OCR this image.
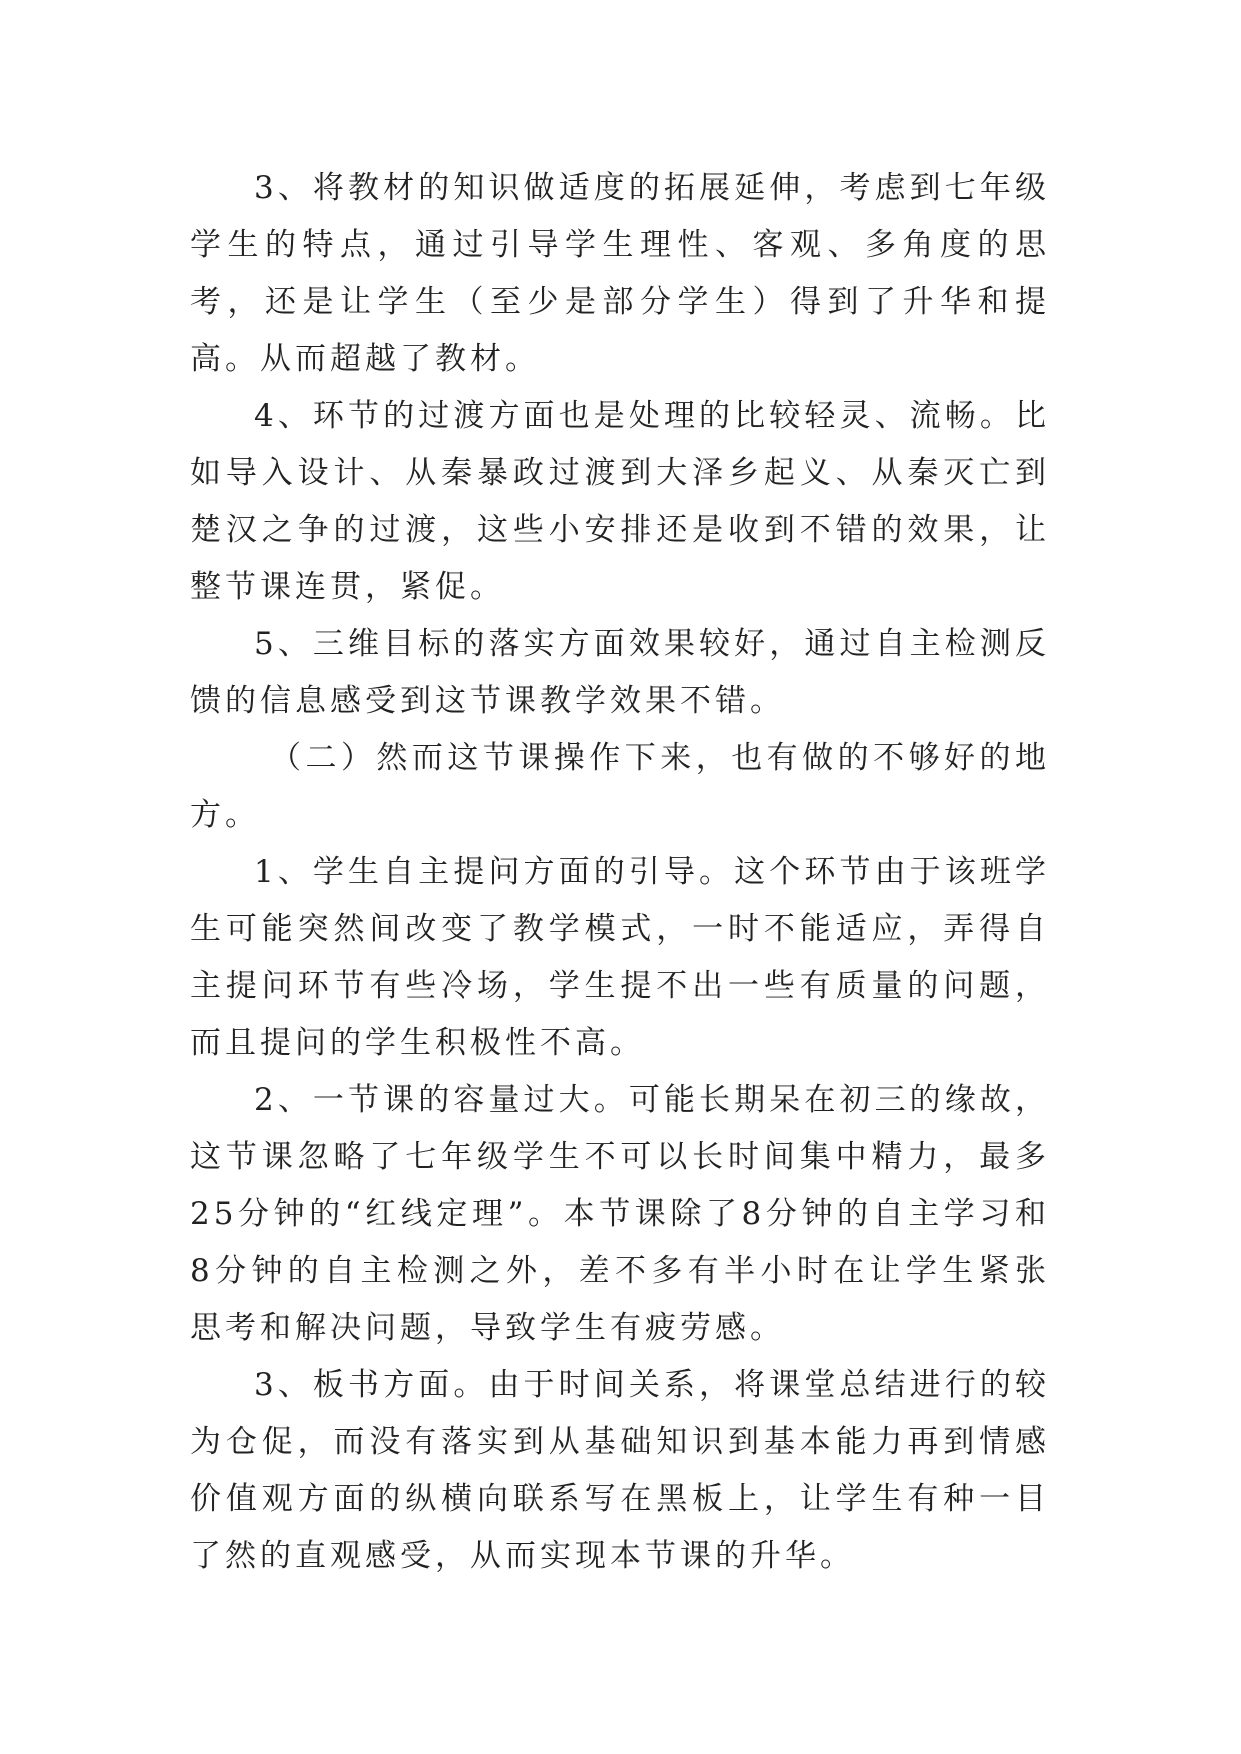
3、将教材的知识做适度的拓展延伸，考虑到七年级学生的特点，通过引导学生理性、客观、多角度的思考，还是让学生（至少是部分学生）得到了升华和提高。从而超越了教材。

4、环节的过渡方面也是处理的比较轻灵、流畅。比如导入设计、从秦暴政过渡到大泽乡起义、从秦灭亡到楚汉之争的过渡，这些小安排还是收到不错的效果，让整节课连贯，紧促。

5、三维目标的落实方面效果较好，通过自主检测反馈的信息感受到这节课教学效果不错。

（二）然而这节课操作下来，也有做的不够好的地方。

1、学生自主提问方面的引导。这个环节由于该班学生可能突然间改变了教学模式，一时不能适应，弄得自主提问环节有些冷场，学生提不出一些有质量的问题，而且提问的学生积极性不高。

2、一节课的容量过大。可能长期呆在初三的缘故，这节课忽略了七年级学生不可以长时间集中精力，最多25分钟的“红线定理”。本节课除了8分钟的自主学习和8分钟的自主检测之外，差不多有半小时在让学生紧张思考和解决问题，导致学生有疲劳感。

3、板书方面。由于时间关系，将课堂总结进行的较为仓促，而没有落实到从基础知识到基本能力再到情感价值观方面的纵横向联系写在黑板上，让学生有种一目了然的直观感受，从而实现本节课的升华。
